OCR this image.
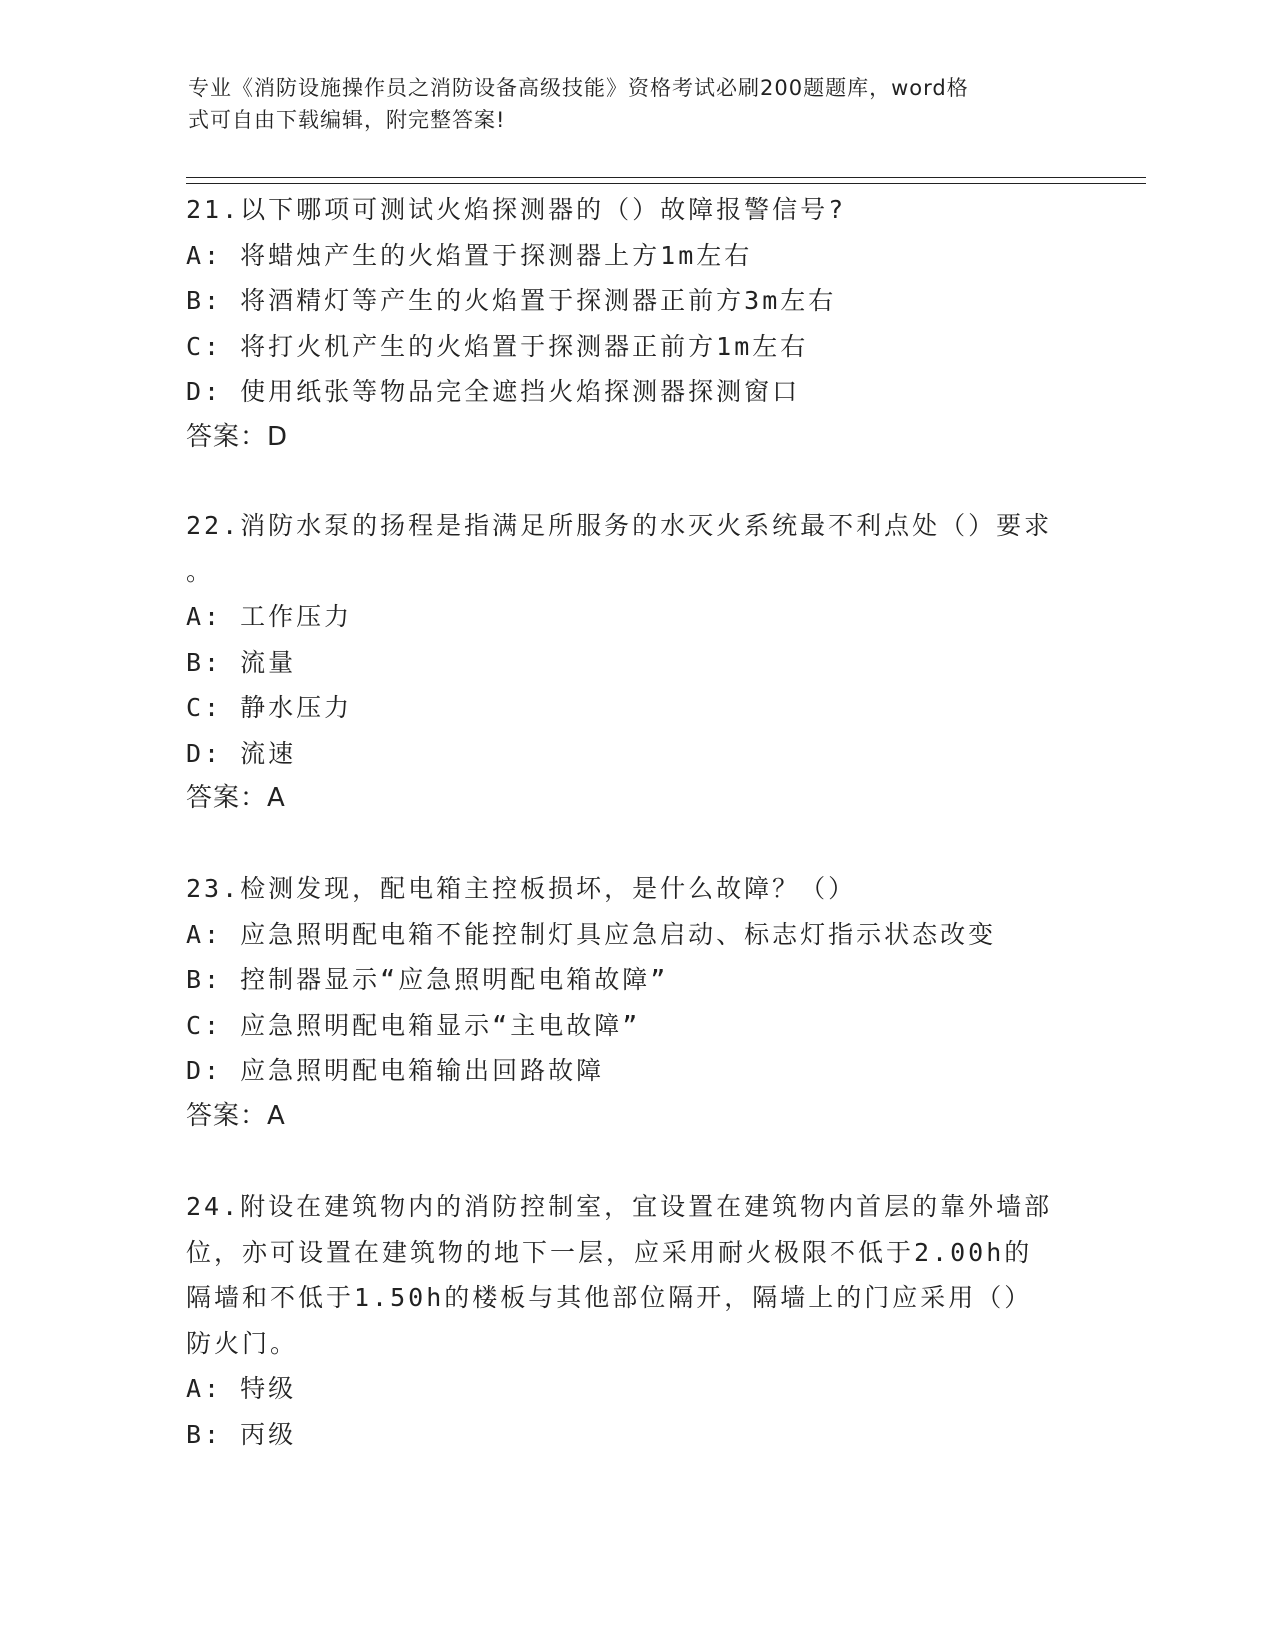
专业《消防设施操作员之消防设备高级技能》资格考试必刷200题题库，word格
式可自由下载编辑，附完整答案!
21.以下哪项可测试火焰探测器的（）故障报警信号?
A: 将蜡烛产生的火焰置于探测器上方1m左右
B: 将酒精灯等产生的火焰置于探测器正前方3m左右
C: 将打火机产生的火焰置于探测器正前方1m左右
D: 使用纸张等物品完全遮挡火焰探测器探测窗口
答案：D
22.消防水泵的扬程是指满足所服务的水灭火系统最不利点处（）要求
。
A: 工作压力
B: 流量
C: 静水压力
D: 流速
答案：A
23.检测发现，配电箱主控板损坏，是什么故障？（）
A: 应急照明配电箱不能控制灯具应急启动、标志灯指示状态改变
B: 控制器显示“应急照明配电箱故障”
C: 应急照明配电箱显示“主电故障”
D: 应急照明配电箱输出回路故障
答案：A
24.附设在建筑物内的消防控制室，宜设置在建筑物内首层的靠外墙部
位，亦可设置在建筑物的地下一层，应采用耐火极限不低于2.00h的
隔墙和不低于1.50h的楼板与其他部位隔开，隔墙上的门应采用（）
防火门。
A: 特级
B: 丙级
